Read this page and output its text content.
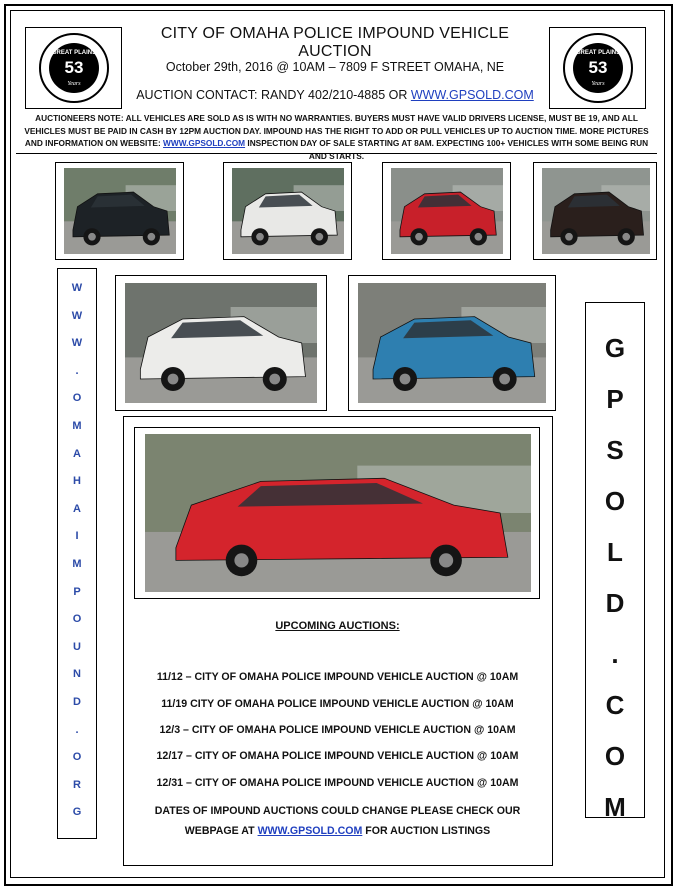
53
GREAT PLAINS
Years
53
GREAT PLAINS
Years
CITY OF OMAHA POLICE IMPOUND VEHICLE AUCTION
October 29th, 2016 @ 10AM – 7809 F STREET OMAHA, NE
AUCTION CONTACT: RANDY 402/210-4885 OR WWW.GPSOLD.COM
AUCTIONEERS NOTE: ALL VEHICLES ARE SOLD AS IS WITH NO WARRANTIES. BUYERS MUST HAVE VALID DRIVERS LICENSE, MUST BE 19, AND ALL VEHICLES MUST BE PAID IN CASH BY 12PM AUCTION DAY. IMPOUND HAS THE RIGHT TO ADD OR PULL VEHICLES UP TO AUCTION TIME. MORE PICTURES AND INFORMATION ON WEBSITE: WWW.GPSOLD.COM INSPECTION DAY OF SALE STARTING AT 8AM. EXPECTING 100+ VEHICLES WITH SOME BEING RUN AND STARTS.
W
W
W
.
O
M
A
H
A
I
M
P
O
U
N
D
.
O
R
G
G
P
S
O
L
D
.
C
O
M
UPCOMING AUCTIONS:
11/12 – CITY OF OMAHA POLICE IMPOUND VEHICLE AUCTION @ 10AM
11/19 CITY OF OMAHA POLICE IMPOUND VEHICLE AUCTION @ 10AM
12/3 – CITY OF OMAHA POLICE IMPOUND VEHICLE AUCTION @ 10AM
12/17 – CITY OF OMAHA POLICE IMPOUND VEHICLE AUCTION @ 10AM
12/31 – CITY OF OMAHA POLICE IMPOUND VEHICLE AUCTION @ 10AM
DATES OF IMPOUND AUCTIONS COULD CHANGE PLEASE CHECK OUR
WEBPAGE AT WWW.GPSOLD.COM FOR AUCTION LISTINGS
